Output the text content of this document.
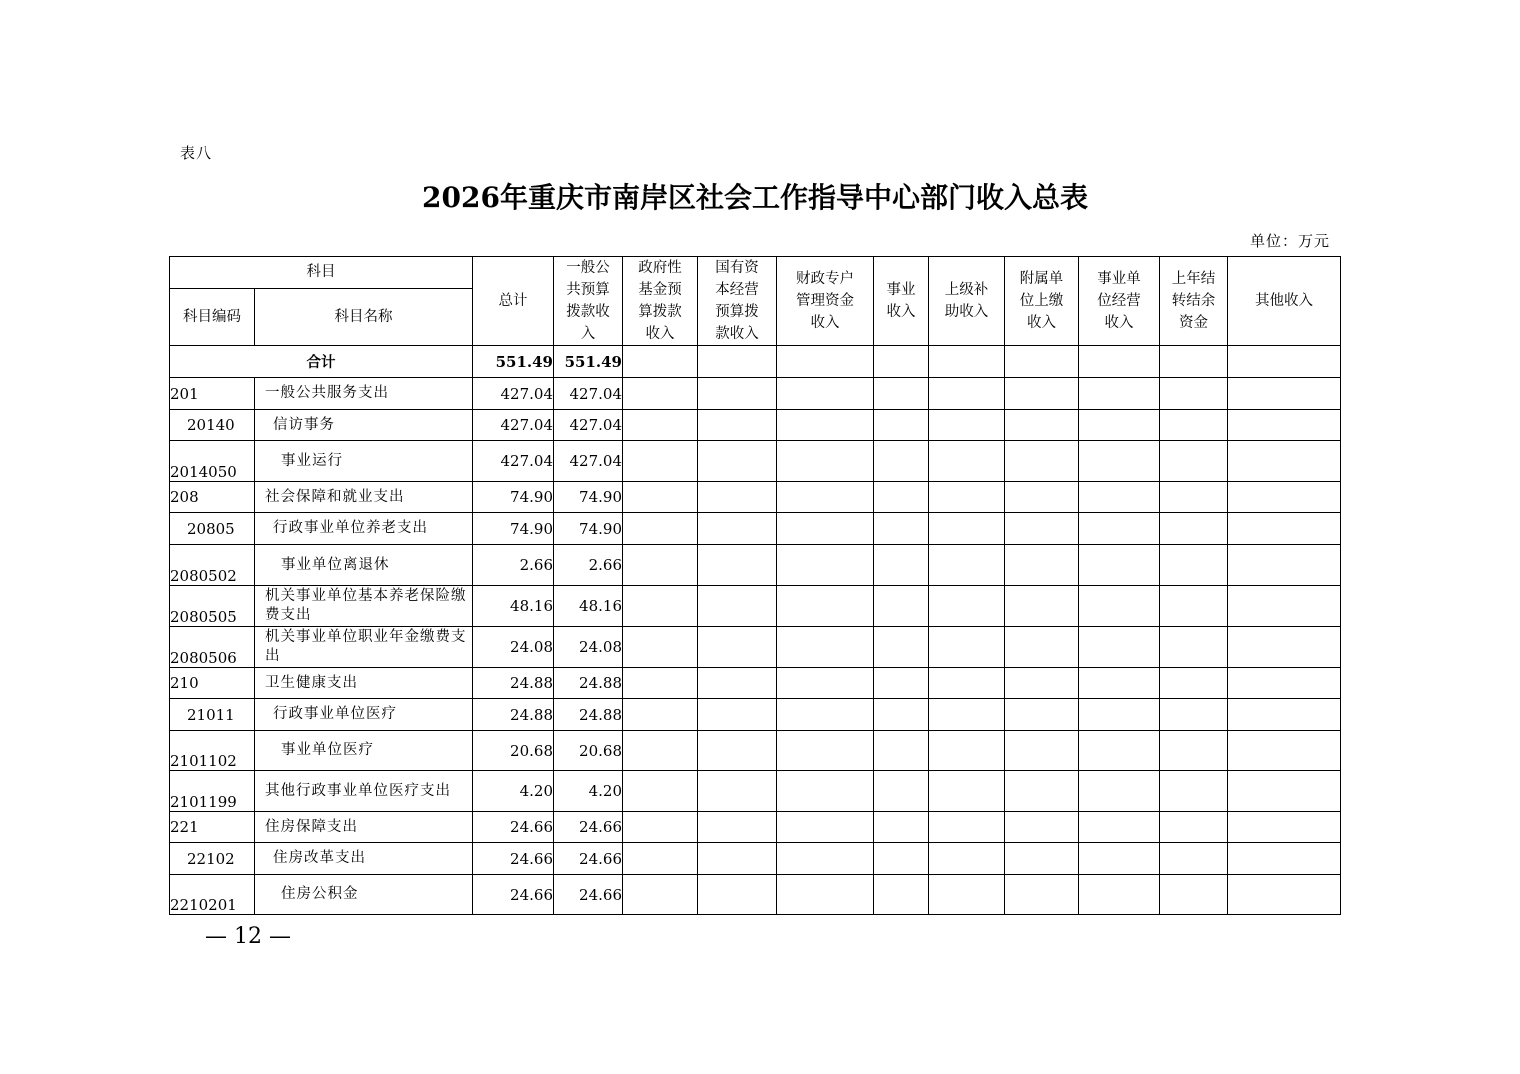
表八
2026年重庆市南岸区社会工作指导中心部门收入总表
单位：万元
科目		总计	一般公共预算拨款收入	政府性基金预算拨款收入	国有资本经营预算拨款收入	财政专户管理资金收入	事业收入	上级补助收入	附属单位上缴收入	事业单位经营收入	上年结转结余资金	其他收入
科目编码	科目名称											
合计		551.49	551.49									
201	一般公共服务支出	427.04	427.04									
20140	信访事务	427.04	427.04									
2014050	事业运行	427.04	427.04									
208	社会保障和就业支出	74.90	74.90									
20805	行政事业单位养老支出	74.90	74.90									
2080502	事业单位离退休	2.66	2.66									
2080505	机关事业单位基本养老保险缴费支出	48.16	48.16									
2080506	机关事业单位职业年金缴费支出	24.08	24.08									
210	卫生健康支出	24.88	24.88									
21011	行政事业单位医疗	24.88	24.88									
2101102	事业单位医疗	20.68	20.68									
2101199	其他行政事业单位医疗支出	4.20	4.20									
221	住房保障支出	24.66	24.66									
22102	住房改革支出	24.66	24.66									
2210201	住房公积金	24.66	24.66									
— 12 —
